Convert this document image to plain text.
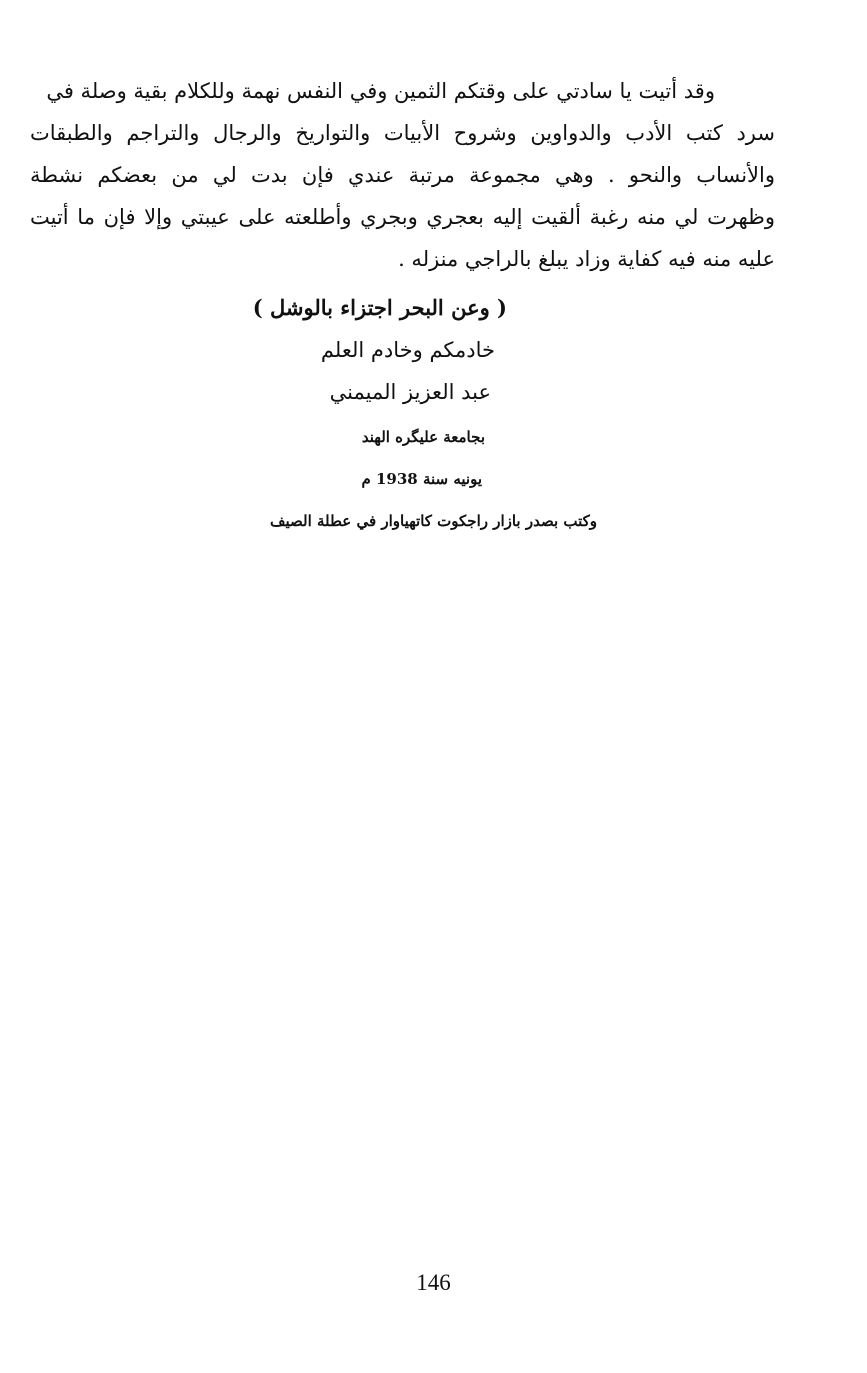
وقد أتيت يا سادتي على وقتكم الثمين وفي النفس نهمة وللكلام بقية وصلة في
سرد كتب الأدب والدواوين وشروح الأبيات والتواريخ والرجال والتراجم والطبقات
والأنساب والنحو . وهي مجموعة مرتبة عندي فإن بدت لي من بعضكم نشطة
وظهرت لي منه رغبة ألقيت إليه بعجري وبجري وأطلعته على عيبتي وإلا فإن ما أتيت
عليه منه فيه كفاية وزاد يبلغ بالراجي منزله .
( وعن البحر اجتزاء بالوشل )
خادمكم وخادم العلم
عبد العزيز الميمني
بجامعة عليگره الهند
يونيه سنة 1938 م
وكتب بصدر بازار راجكوت كاتهياوار في عطلة الصيف
146
